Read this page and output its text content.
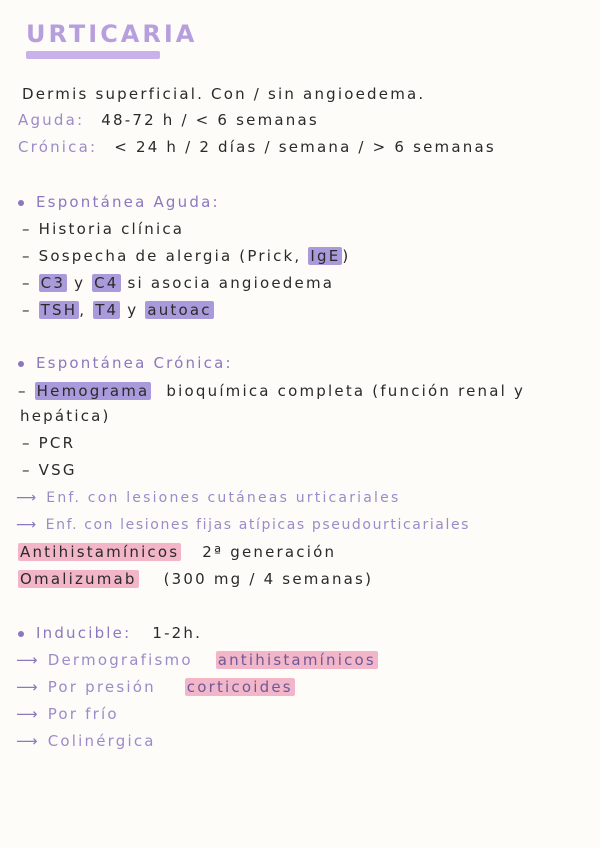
URTICARIA
Dermis superficial. Con / sin angioedema.
Aguda: 48-72 h / < 6 semanas
Crónica: < 24 h / 2 días / semana / > 6 semanas
Espontánea Aguda:
– Historia clínica
– Sospecha de alergia (Prick, IgE )
– C3 y C4 si asocia angioedema
– TSH , T4 y autoac
Espontánea Crónica:
– Hemograma bioquímica completa (función renal y
hepática)
– PCR
– VSG
⟶ Enf. con lesiones cutáneas urticariales
⟶ Enf. con lesiones fijas atípicas pseudourticariales
Antihistamínicos 2ª generación
Omalizumab (300 mg / 4 semanas)
Inducible: 1-2h.
⟶ Dermografismo antihistamínicos
⟶ Por presión corticoides
⟶ Por frío
⟶ Colinérgica
